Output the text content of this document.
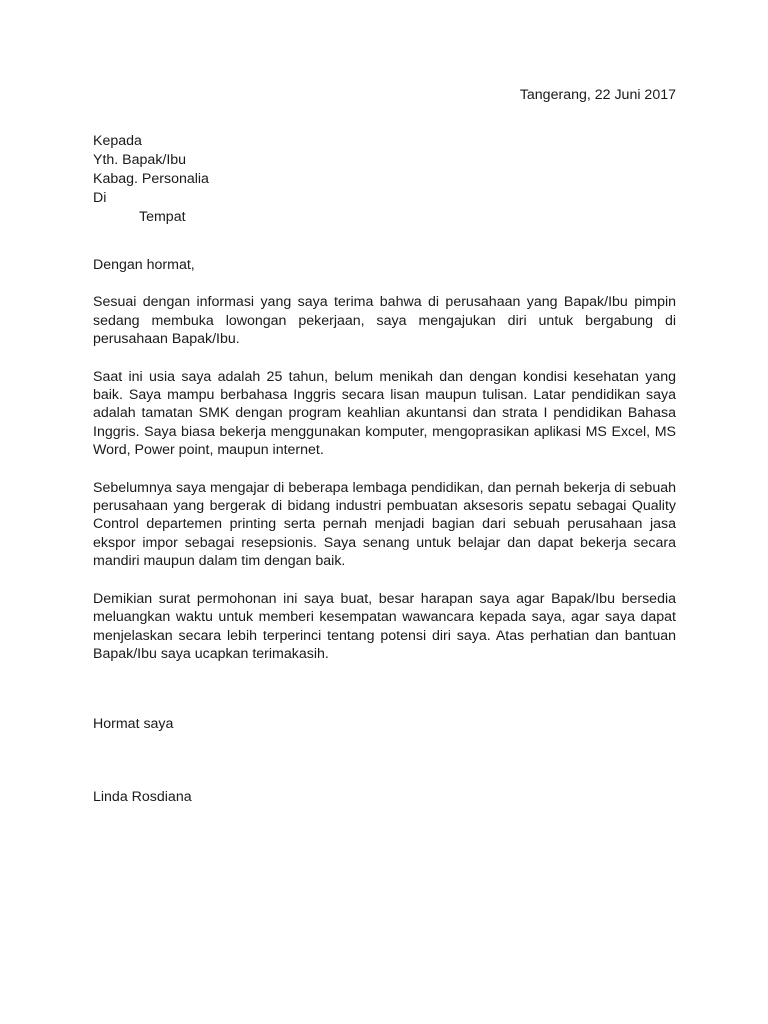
Tangerang, 22 Juni 2017
Kepada
Yth. Bapak/Ibu
Kabag. Personalia
Di
Tempat

Dengan hormat,

Sesuai dengan informasi yang saya terima bahwa di perusahaan yang Bapak/Ibu pimpin sedang membuka lowongan pekerjaan, saya mengajukan diri untuk bergabung di perusahaan Bapak/Ibu.

Saat ini usia saya adalah 25 tahun, belum menikah dan dengan kondisi kesehatan yang baik. Saya mampu berbahasa Inggris secara lisan maupun tulisan. Latar pendidikan saya adalah tamatan SMK dengan program keahlian akuntansi dan strata I pendidikan Bahasa Inggris. Saya biasa bekerja menggunakan komputer, mengoprasikan aplikasi MS Excel, MS Word, Power point, maupun internet.

Sebelumnya saya mengajar di beberapa lembaga pendidikan, dan pernah bekerja di sebuah perusahaan yang bergerak di bidang industri pembuatan aksesoris sepatu sebagai Quality Control departemen printing serta pernah menjadi bagian dari sebuah perusahaan jasa ekspor impor sebagai resepsionis. Saya senang untuk belajar dan dapat bekerja secara mandiri maupun dalam tim dengan baik.

Demikian surat permohonan ini saya buat, besar harapan saya agar Bapak/Ibu bersedia meluangkan waktu untuk memberi kesempatan wawancara kepada saya, agar saya dapat menjelaskan secara lebih terperinci tentang potensi diri saya. Atas perhatian dan bantuan Bapak/Ibu saya ucapkan terimakasih.

Hormat saya
Linda Rosdiana
